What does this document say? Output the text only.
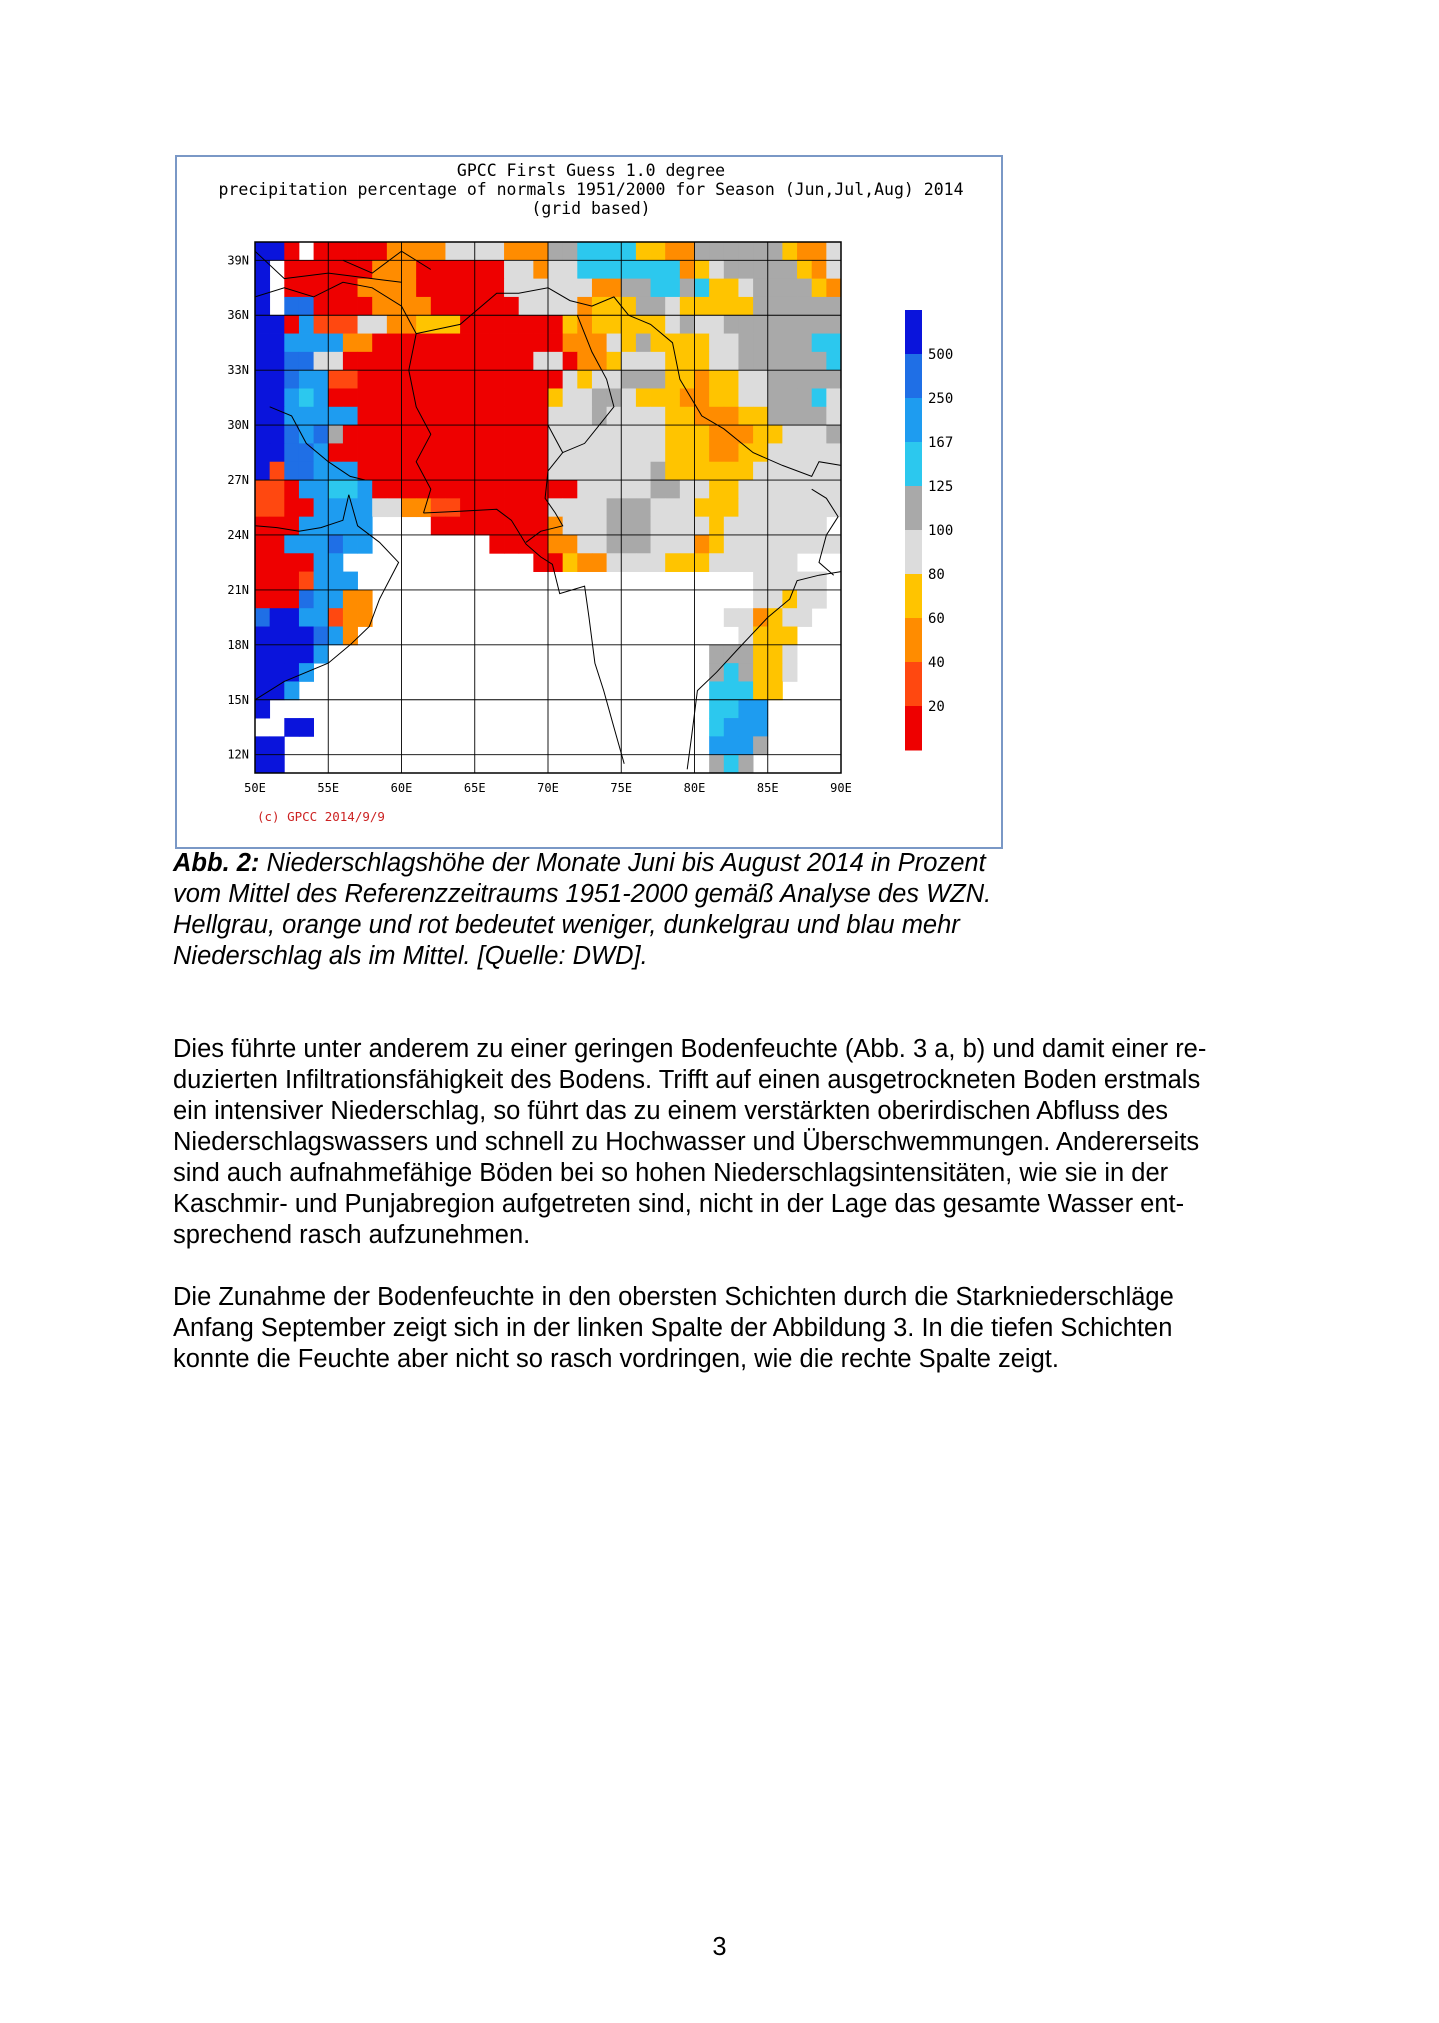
GPCC First Guess 1.0 degree
precipitation percentage of normals 1951/2000 for Season (Jun,Jul,Aug) 2014
(grid based)
39N
36N
33N
30N
27N
24N
21N
18N
15N
12N
50E	55E	60E	65E	70E	75E	80E	85E	90E
500
250
167
125
100
80
60
40
20
(c) GPCC 2014/9/9

Abb. 2: Niederschlagshöhe der Monate Juni bis August 2014 in Prozent
vom Mittel des Referenzzeitraums 1951-2000 gemäß Analyse des WZN.
Hellgrau, orange und rot bedeutet weniger, dunkelgrau und blau mehr
Niederschlag als im Mittel. [Quelle: DWD].

Dies führte unter anderem zu einer geringen Bodenfeuchte (Abb. 3 a, b) und damit einer re-
duzierten Infiltrationsfähigkeit des Bodens. Trifft auf einen ausgetrockneten Boden erstmals
ein intensiver Niederschlag, so führt das zu einem verstärkten oberirdischen Abfluss des
Niederschlagswassers und schnell zu Hochwasser und Überschwemmungen. Andererseits
sind auch aufnahmefähige Böden bei so hohen Niederschlagsintensitäten, wie sie in der
Kaschmir- und Punjabregion aufgetreten sind, nicht in der Lage das gesamte Wasser ent-
sprechend rasch aufzunehmen.

Die Zunahme der Bodenfeuchte in den obersten Schichten durch die Starkniederschläge
Anfang September zeigt sich in der linken Spalte der Abbildung 3. In die tiefen Schichten
konnte die Feuchte aber nicht so rasch vordringen, wie die rechte Spalte zeigt.

3
